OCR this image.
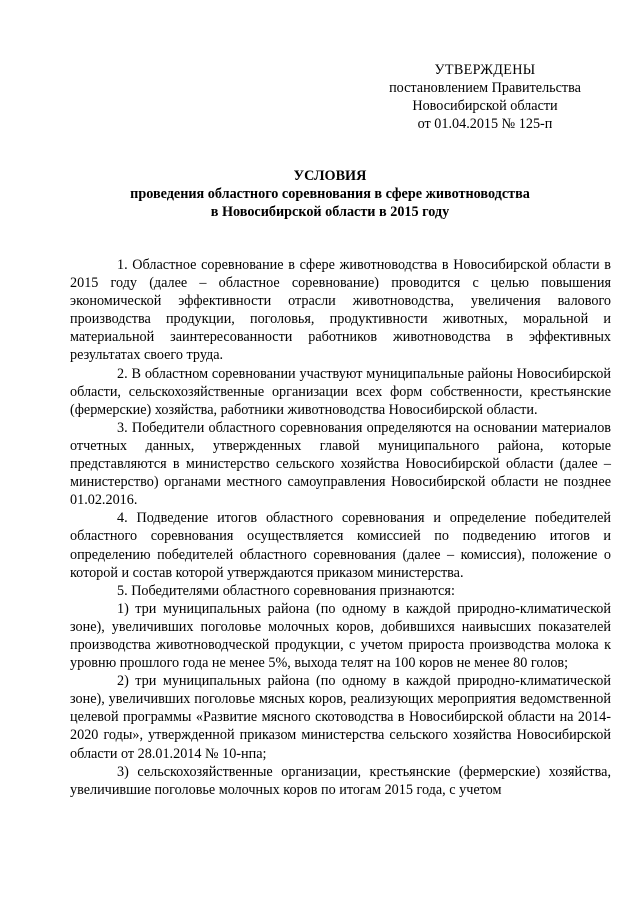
УТВЕРЖДЕНЫ
постановлением Правительства
Новосибирской области
от 01.04.2015 № 125-п
УСЛОВИЯ
проведения областного соревнования в сфере животноводства
в Новосибирской области в 2015 году

1. Областное соревнование в сфере животноводства в Новосибирской области в 2015 году (далее – областное соревнование) проводится с целью повышения экономической эффективности отрасли животноводства, увеличения валового производства продукции, поголовья, продуктивности животных, моральной и материальной заинтересованности работников животноводства в эффективных результатах своего труда.

2. В областном соревновании участвуют муниципальные районы Новосибирской области, сельскохозяйственные организации всех форм собственности, крестьянские (фермерские) хозяйства, работники животноводства Новосибирской области.

3. Победители областного соревнования определяются на основании материалов отчетных данных, утвержденных главой муниципального района, которые представляются в министерство сельского хозяйства Новосибирской области (далее – министерство) органами местного самоуправления Новосибирской области не позднее 01.02.2016.

4. Подведение итогов областного соревнования и определение победителей областного соревнования осуществляется комиссией по подведению итогов и определению победителей областного соревнования (далее – комиссия), положение о которой и состав которой утверждаются приказом министерства.

5. Победителями областного соревнования признаются:

1) три муниципальных района (по одному в каждой природно-климатической зоне), увеличивших поголовье молочных коров, добившихся наивысших показателей производства животноводческой продукции, с учетом прироста производства молока к уровню прошлого года не менее 5%, выхода телят на 100 коров не менее 80 голов;

2) три муниципальных района (по одному в каждой природно-климатической зоне), увеличивших поголовье мясных коров, реализующих мероприятия ведомственной целевой программы «Развитие мясного скотоводства в Новосибирской области на 2014-2020 годы», утвержденной приказом министерства сельского хозяйства Новосибирской области от 28.01.2014 № 10-нпа;

3) сельскохозяйственные организации, крестьянские (фермерские) хозяйства, увеличившие поголовье молочных коров по итогам 2015 года, с учетом
